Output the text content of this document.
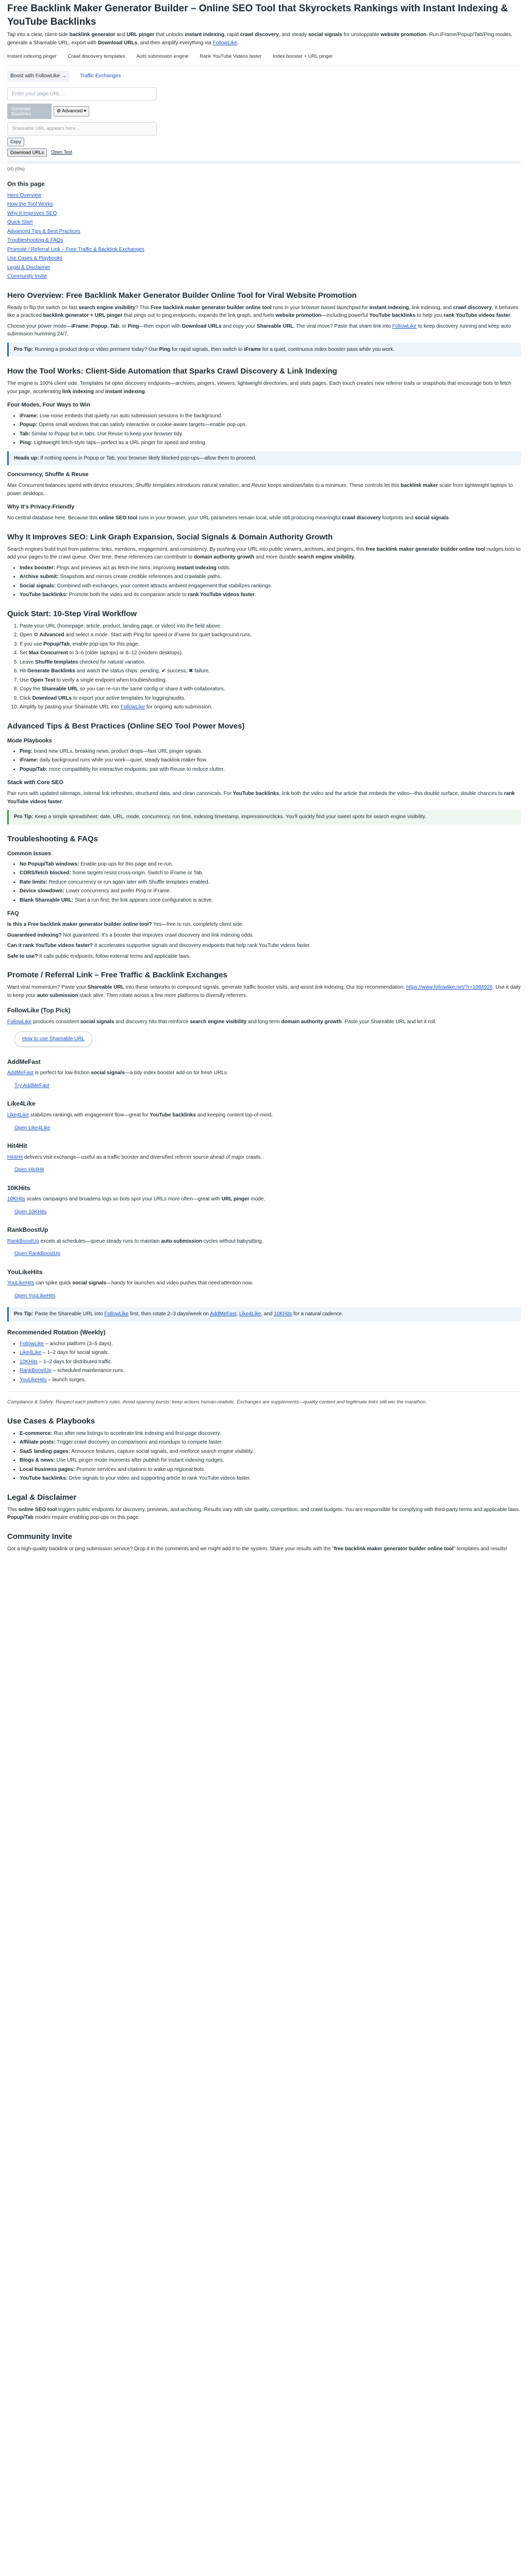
Free Backlink Maker Generator Builder – Online SEO Tool that Skyrockets Rankings with Instant Indexing & YouTube Backlinks

Tap into a clear, client-side backlink generator and URL pinger that unlocks instant indexing, rapid crawl discovery, and steady social signals for unstoppable website promotion. Run iFrame/Popup/Tab/Ping modes, generate a Shareable URL, export with Download URLs, and then amplify everything via FollowLike.

Instant indexing pinger Crawl discovery templates Auto submission engine Rank YouTube Videos faster Index booster + URL pinger
Boost with FollowLike →	Traffic Exchanges
Enter your page URL…
Generate Backlinks
⚙ Advanced ▾
Shareable URL appears here…
Copy
Download URLs	Open Test
0/0 (0%)
On this page
Hero Overview
How the Tool Works
Why It Improves SEO
Quick Start
Advanced Tips & Best Practices
Troubleshooting & FAQs
Promote / Referral Link – Free Traffic & Backlink Exchanges
Use Cases & Playbooks
Legal & Disclaimer
Community Invite
Hero Overview: Free Backlink Maker Generator Builder Online Tool for Viral Website Promotion

Ready to flip the switch on fast search engine visibility? This Free backlink maker generator builder online tool runs in your browser based launchpad for instant indexing, link indexing, and crawl discovery. It behaves like a practiced backlink generator + URL pinger that pings out to ping endpoints, expands the link graph, and fuels website promotion—including powerful YouTube backlinks to help you rank YouTube videos faster.

Choose your power mode—iFrame, Popup, Tab, or Ping—then export with Download URLs and copy your Shareable URL. The viral move? Paste that share link into FollowLike to keep discovery running and keep auto submission humming 24/7.

Pro Tip: Running a product drop or video premiere today? Use Ping for rapid signals, then switch to iFrame for a quiet, continuous index booster pass while you work.
How the Tool Works: Client-Side Automation that Sparks Crawl Discovery & Link Indexing

The engine is 100% client side. Templates hit open discovery endpoints—archives, pingers, viewers, lightweight directories, and stats pages. Each touch creates new referrer trails or snapshots that encourage bots to fetch your page, accelerating link indexing and instant indexing.

Four Modes, Four Ways to Win
• iFrame: Low-noise embeds that quietly run auto submission sessions in the background.
• Popup: Opens small windows that can satisfy interactive or cookie-aware targets—enable pop-ups.
• Tab: Similar to Popup but in tabs. Use Reuse to keep your browser tidy.
• Ping: Lightweight fetch-style taps—perfect as a URL pinger for speed and testing.
Heads up: If nothing opens in Popup or Tab, your browser likely blocked pop-ups—allow them to proceed.
Concurrency, Shuffle & Reuse

Max Concurrent balances speed with device resources; Shuffle templates introduces natural variation; and Reuse keeps windows/tabs to a minimum. These controls let this backlink maker scale from lightweight laptops to power desktops.

Why It's Privacy-Friendly

No central database here. Because this online SEO tool runs in your browser, your URL parameters remain local, while still producing meaningful crawl discovery footprints and social signals.

Why It Improves SEO: Link Graph Expansion, Social Signals & Domain Authority Growth

Search engines build trust from patterns: links, mentions, engagement, and consistency. By pushing your URL into public viewers, archives, and pingers, this free backlink maker generator builder online tool nudges bots to add your pages to the crawl queue. Over time, these references can contribute to domain authority growth and more durable search engine visibility.

• Index booster: Pings and previews act as fetch-me hints, improving instant indexing odds.
• Archive submit: Snapshots and mirrors create credible references and crawlable paths.
• Social signals: Combined with exchanges, your content attracts ambient engagement that stabilizes rankings.
• YouTube backlinks: Promote both the video and its companion article to rank YouTube videos faster.
Quick Start: 10-Step Viral Workflow
1. Paste your URL (homepage, article, product, landing page, or video) into the field above.
2. Open ⚙ Advanced and select a mode. Start with Ping for speed or iFrame for quiet background runs.
3. If you use Popup/Tab, enable pop-ups for this page.
4. Set Max Concurrent to 3–6 (older laptops) or 8–12 (modern desktops).
5. Leave Shuffle templates checked for natural variation.
6. Hit Generate Backlinks and watch the status chips: pending, ✔ success, ✖ failure.
7. Use Open Test to verify a single endpoint when troubleshooting.
8. Copy the Shareable URL so you can re-run the same config or share it with collaborators.
9. Click Download URLs to export your active templates for logging/audits.
10. Amplify by pasting your Shareable URL into FollowLike for ongoing auto submission.
Advanced Tips & Best Practices (Online SEO Tool Power Moves)
Mode Playbooks
• Ping: brand new URLs, breaking news, product drops—fast URL pinger signals.
• iFrame: daily background runs while you work—quiet, steady backlink maker flow.
• Popup/Tab: more compatibility for interactive endpoints; pair with Reuse to reduce clutter.
Stack with Core SEO

Pair runs with updated sitemaps, internal link refreshes, structured data, and clean canonicals. For YouTube backlinks, link both the video and the article that embeds the video—this double surface, double chances to rank YouTube videos faster.

Pro Tip: Keep a simple spreadsheet: date, URL, mode, concurrency, run time, indexing timestamp, impressions/clicks. You'll quickly find your sweet spots for search engine visibility.
Troubleshooting & FAQs
Common Issues
• No Popup/Tab windows: Enable pop-ups for this page and re-run.
• CORS/fetch blocked: Some targets resist cross-origin. Switch to iFrame or Tab.
• Rate limits: Reduce concurrency or run again later with Shuffle templates enabled.
• Device slowdown: Lower concurrency and prefer Ping or iFrame.
• Blank Shareable URL: Start a run first; the link appears once configuration is active.
FAQ

Is this a Free backlink maker generator builder online tool? Yes—free to run, completely client side.

Guaranteed indexing? Not guaranteed. It's a booster that improves crawl discovery and link indexing odds.

Can it rank YouTube videos faster? It accelerates supportive signals and discovery endpoints that help rank YouTube videos faster.

Safe to use? It calls public endpoints; follow external terms and applicable laws.

Promote / Referral Link – Free Traffic & Backlink Exchanges

Want viral momentum? Paste your Shareable URL into these networks to compound signals, generate traffic booster visits, and assist link indexing. Our top recommendation: https://www.followlike.net/?r=1084926. Use it daily to keep your auto submission stack alive. Then rotate across a few more platforms to diversify referrers.

FollowLike (Top Pick)

FollowLike produces consistent social signals and discovery hits that reinforce search engine visibility and long-term domain authority growth. Paste your Shareable URL and let it roll.

How to use Shareable URL
AddMeFast

AddMeFast is perfect for low-friction social signals—a tidy index booster add-on for fresh URLs.

Try AddMeFast
Like4Like

Like4Like stabilizes rankings with engagement flow—great for YouTube backlinks and keeping content top-of-mind.

Open Like4Like
Hit4Hit

Hit4Hit delivers visit exchange—useful as a traffic booster and diversified referrer source ahead of major crawls.

Open Hit4Hit
10KHits

10KHits scales campaigns and broadens logs so bots spot your URLs more often—great with URL pinger mode.

Open 10KHits
RankBoostUp

RankBoostUp excels at schedules—queue steady runs to maintain auto submission cycles without babysitting.

Open RankBoostUp
YouLikeHits

YouLikeHits can spike quick social signals—handy for launches and video pushes that need attention now.

Open YouLikeHits
Pro Tip: Paste the Shareable URL into FollowLike first, then rotate 2–3 days/week on AddMeFast, Like4Like, and 10KHits for a natural cadence.
Recommended Rotation (Weekly)
• FollowLike – anchor platform (3–5 days).
• Like4Like – 1–2 days for social signals.
• 10KHits – 1–2 days for distributed traffic.
• RankBoostUp – scheduled maintenance runs.
• YouLikeHits – launch surges.

Compliance & Safety: Respect each platform's rules. Avoid spammy bursts; keep actions human-realistic. Exchanges are supplements—quality content and legitimate links still win the marathon.

Use Cases & Playbooks
• E-commerce: Run after new listings to accelerate link indexing and first-page discovery.
• Affiliate posts: Trigger crawl discovery on comparisons and roundups to compete faster.
• SaaS landing pages: Announce features, capture social signals, and reinforce search engine visibility.
• Blogs & news: Use URL pinger mode moments after publish for instant indexing nudges.
• Local business pages: Promote services and citations to wake up regional bots.
• YouTube backlinks: Drive signals to your video and supporting article to rank YouTube videos faster.
Legal & Disclaimer

This online SEO tool triggers public endpoints for discovery, previews, and archiving. Results vary with site quality, competition, and crawl budgets. You are responsible for complying with third-party terms and applicable laws. Popup/Tab modes require enabling pop-ups on this page.

Community Invite

Got a high-quality backlink or ping submission service? Drop it in the comments and we might add it to the system. Share your results with the "free backlink maker generator builder online tool" templates and results!
